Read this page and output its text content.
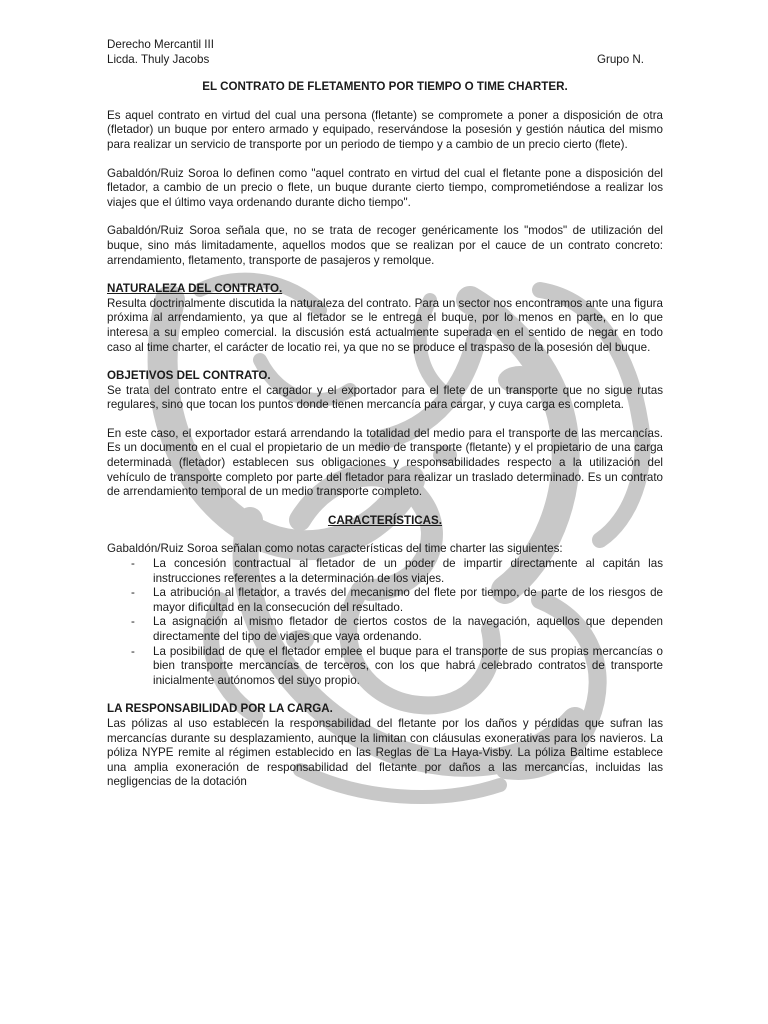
Derecho Mercantil III

Licda. Thuly Jacobs	Grupo N.

EL CONTRATO DE FLETAMENTO POR TIEMPO O TIME CHARTER.

Es aquel contrato en virtud del cual una persona (fletante) se compromete a poner a disposición de otra (fletador) un buque por entero armado y equipado, reservándose la posesión y gestión náutica del mismo para realizar un servicio de transporte por un periodo de tiempo y a cambio de un precio cierto (flete).

Gabaldón/Ruiz Soroa lo definen como "aquel contrato en virtud del cual el fletante pone a disposición del fletador, a cambio de un precio o flete, un buque durante cierto tiempo, comprometiéndose a realizar los viajes que el último vaya ordenando durante dicho tiempo".

Gabaldón/Ruiz Soroa señala que, no se trata de recoger genéricamente los "modos" de utilización del buque, sino más limitadamente, aquellos modos que se realizan por el cauce de un contrato concreto: arrendamiento, fletamento, transporte de pasajeros y remolque.

NATURALEZA DEL CONTRATO.

Resulta doctrinalmente discutida la naturaleza del contrato. Para un sector nos encontramos ante una figura próxima al arrendamiento, ya que al fletador se le entrega el buque, por lo menos en parte, en lo que interesa a su empleo comercial. la discusión está actualmente superada en el sentido de negar en todo caso al time charter, el carácter de locatio rei, ya que no se produce el traspaso de la posesión del buque.

OBJETIVOS DEL CONTRATO.

Se trata del contrato entre el cargador y el exportador para el flete de un transporte que no sigue rutas regulares, sino que tocan los puntos donde tienen mercancía para cargar, y cuya carga es completa.

En este caso, el exportador estará arrendando la totalidad del medio para el transporte de las mercancías. Es un documento en el cual el propietario de un medio de transporte (fletante) y el propietario de una carga determinada (fletador) establecen sus obligaciones y responsabilidades respecto a la utilización del vehículo de transporte completo por parte del fletador para realizar un traslado determinado. Es un contrato de arrendamiento temporal de un medio transporte completo.

CARACTERÍSTICAS.

Gabaldón/Ruiz Soroa señalan como notas características del time charter las siguientes:

- La concesión contractual al fletador de un poder de impartir directamente al capitán las instrucciones referentes a la determinación de los viajes.
- La atribución al fletador, a través del mecanismo del flete por tiempo, de parte de los riesgos de mayor dificultad en la consecución del resultado.
- La asignación al mismo fletador de ciertos costos de la navegación, aquellos que dependen directamente del tipo de viajes que vaya ordenando.
- La posibilidad de que el fletador emplee el buque para el transporte de sus propias mercancías o bien transporte mercancías de terceros, con los que habrá celebrado contratos de transporte inicialmente autónomos del suyo propio.

LA RESPONSABILIDAD POR LA CARGA.

Las pólizas al uso establecen la responsabilidad del fletante por los daños y pérdidas que sufran las mercancías durante su desplazamiento, aunque la limitan con cláusulas exonerativas para los navieros. La póliza NYPE remite al régimen establecido en las Reglas de La Haya-Visby. La póliza Baltime establece una amplia exoneración de responsabilidad del fletante por daños a las mercancías, incluidas las negligencias de la dotación
